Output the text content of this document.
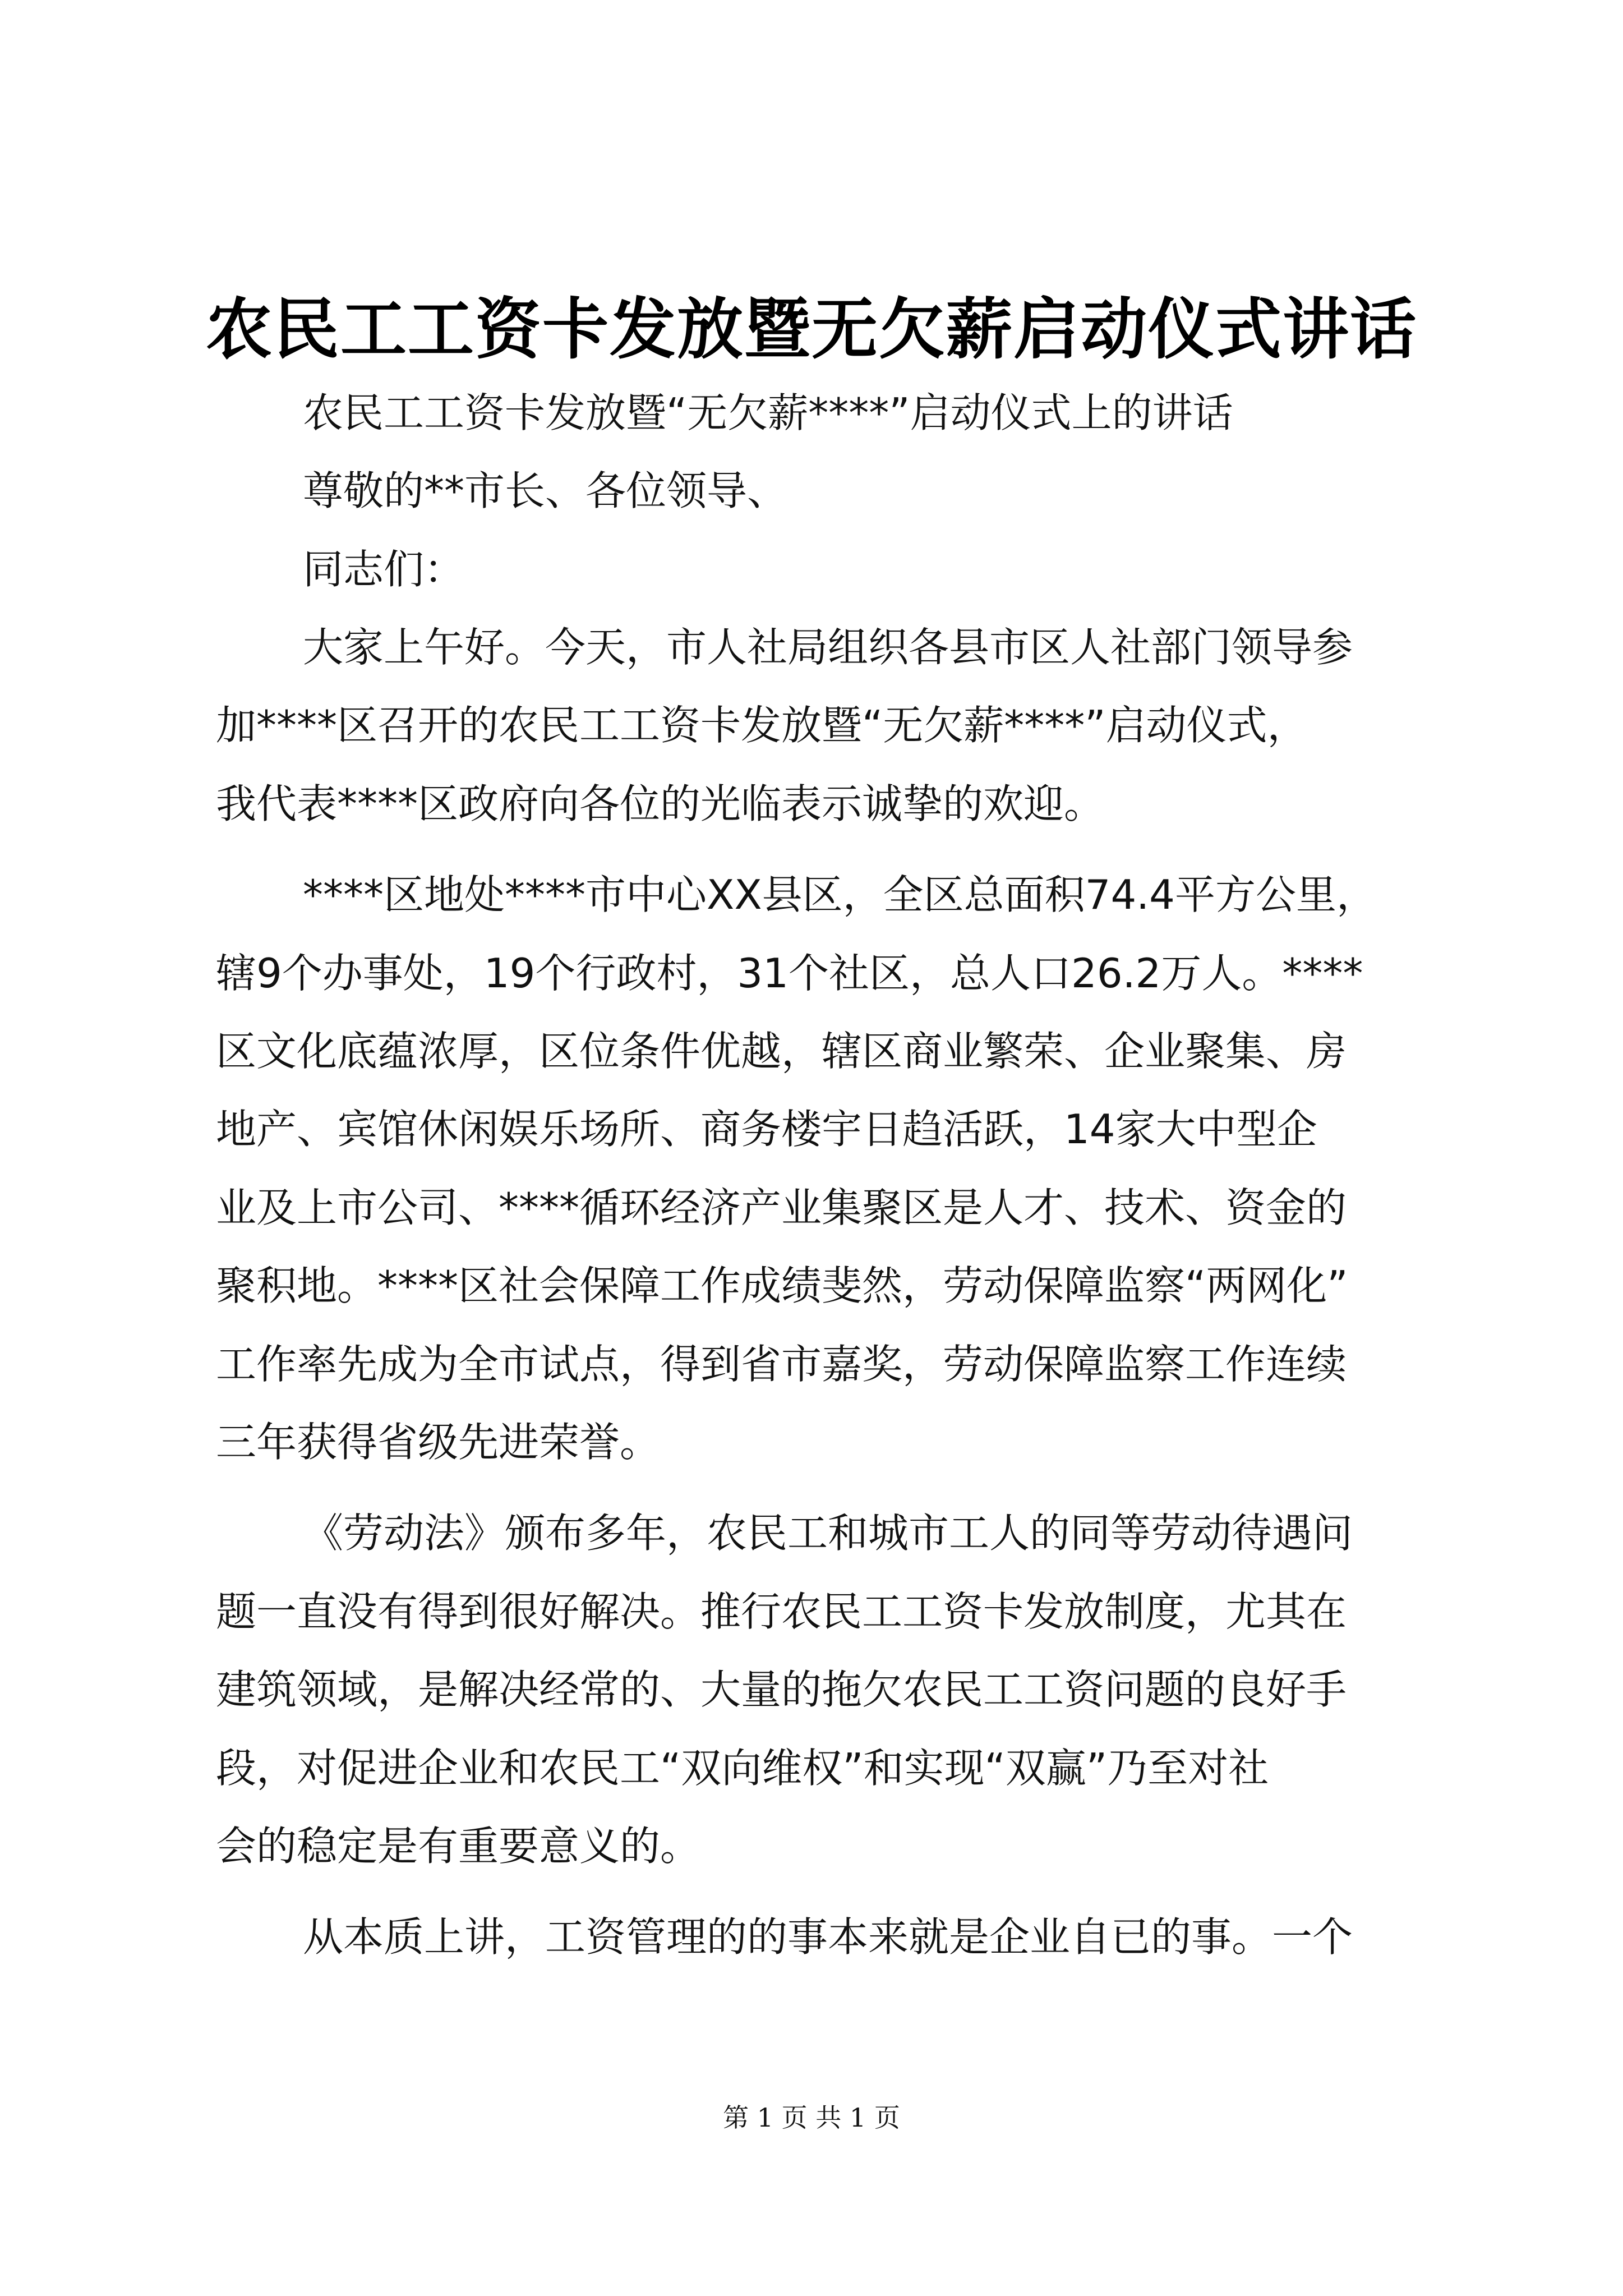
农民工工资卡发放暨无欠薪启动仪式讲话
农民工工资卡发放暨“无欠薪****”启动仪式上的讲话
尊敬的**市长、各位领导、
同志们：
大家上午好。今天，市人社局组织各县市区人社部门领导参
加****区召开的农民工工资卡发放暨“无欠薪****”启动仪式，
我代表****区政府向各位的光临表示诚挚的欢迎。
****区地处****市中心XX县区，全区总面积74.4平方公里，
辖9个办事处，19个行政村，31个社区，总人口26.2万人。****
区文化底蕴浓厚，区位条件优越，辖区商业繁荣、企业聚集、房
地产、宾馆休闲娱乐场所、商务楼宇日趋活跃，14家大中型企
业及上市公司、****循环经济产业集聚区是人才、技术、资金的
聚积地。****区社会保障工作成绩斐然，劳动保障监察“两网化”
工作率先成为全市试点，得到省市嘉奖，劳动保障监察工作连续
三年获得省级先进荣誉。
《劳动法》颁布多年，农民工和城市工人的同等劳动待遇问
题一直没有得到很好解决。推行农民工工资卡发放制度，尤其在
建筑领域，是解决经常的、大量的拖欠农民工工资问题的良好手
段，对促进企业和农民工“双向维权”和实现“双赢”乃至对社
会的稳定是有重要意义的。
从本质上讲，工资管理的的事本来就是企业自已的事。一个
第 1 页 共 1 页
